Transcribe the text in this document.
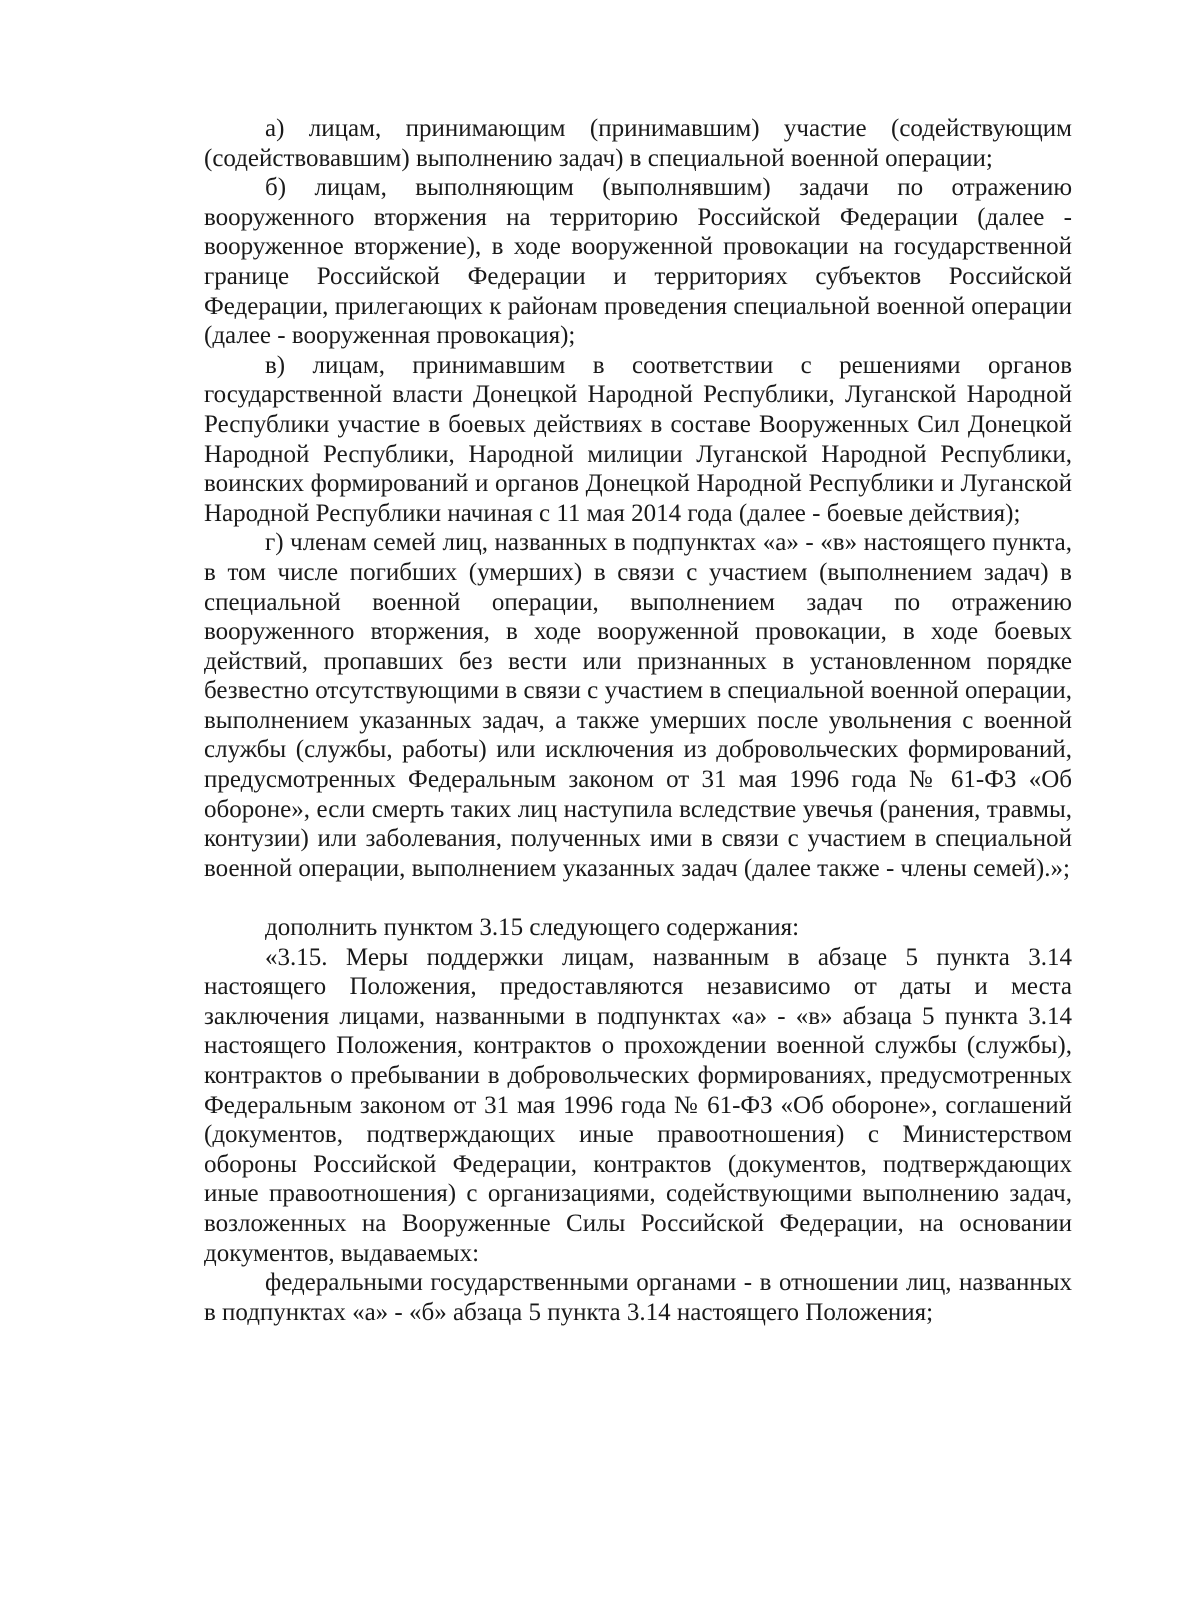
а) лицам, принимающим (принимавшим) участие (содействующим (содействовавшим) выполнению задач) в специальной военной операции;

б) лицам, выполняющим (выполнявшим) задачи по отражению вооруженного вторжения на территорию Российской Федерации (далее - вооруженное вторжение), в ходе вооруженной провокации на государственной границе Российской Федерации и территориях субъектов Российской Федерации, прилегающих к районам проведения специальной военной операции (далее - вооруженная провокация);

в) лицам, принимавшим в соответствии с решениями органов государственной власти Донецкой Народной Республики, Луганской Народной Республики участие в боевых действиях в составе Вооруженных Сил Донецкой Народной Республики, Народной милиции Луганской Народной Республики, воинских формирований и органов Донецкой Народной Республики и Луганской Народной Республики начиная с 11 мая 2014 года (далее - боевые действия);

г) членам семей лиц, названных в подпунктах «а» - «в» настоящего пункта, в том числе погибших (умерших) в связи с участием (выполнением задач) в специальной военной операции, выполнением задач по отражению вооруженного вторжения, в ходе вооруженной провокации, в ходе боевых действий, пропавших без вести или признанных в установленном порядке безвестно отсутствующими в связи с участием в специальной военной операции, выполнением указанных задач, а также умерших после увольнения с военной службы (службы, работы) или исключения из добровольческих формирований, предусмотренных Федеральным законом от 31 мая 1996 года № 61-ФЗ «Об обороне», если смерть таких лиц наступила вследствие увечья (ранения, травмы, контузии) или заболевания, полученных ими в связи с участием в специальной военной операции, выполнением указанных задач (далее также - члены семей).»;

дополнить пунктом 3.15 следующего содержания:

«3.15. Меры поддержки лицам, названным в абзаце 5 пункта 3.14 настоящего Положения, предоставляются независимо от даты и места заключения лицами, названными в подпунктах «а» - «в» абзаца 5 пункта 3.14 настоящего Положения, контрактов о прохождении военной службы (службы), контрактов о пребывании в добровольческих формированиях, предусмотренных Федеральным законом от 31 мая 1996 года № 61-ФЗ «Об обороне», соглашений (документов, подтверждающих иные правоотношения) с Министерством обороны Российской Федерации, контрактов (документов, подтверждающих иные правоотношения) с организациями, содействующими выполнению задач, возложенных на Вооруженные Силы Российской Федерации, на основании документов, выдаваемых:

федеральными государственными органами - в отношении лиц, названных в подпунктах «а» - «б» абзаца 5 пункта 3.14 настоящего Положения;
